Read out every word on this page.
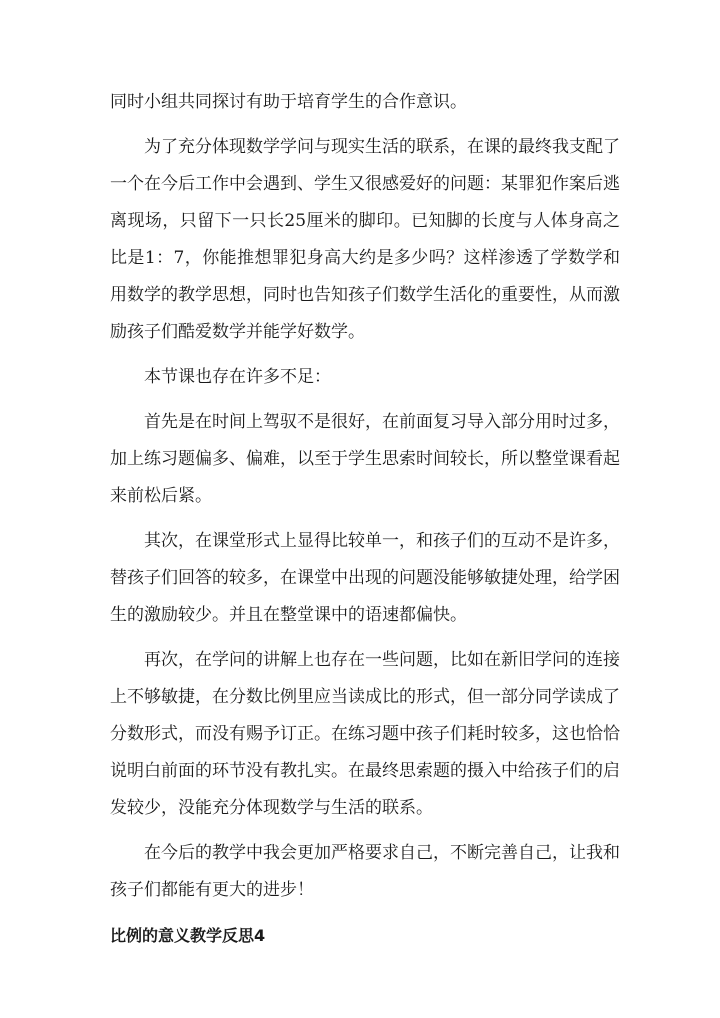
同时小组共同探讨有助于培育学生的合作意识。

为了充分体现数学学问与现实生活的联系，在课的最终我支配了一个在今后工作中会遇到、学生又很感爱好的问题：某罪犯作案后逃离现场，只留下一只长25厘米的脚印。已知脚的长度与人体身高之比是1：7，你能推想罪犯身高大约是多少吗？这样渗透了学数学和用数学的教学思想，同时也告知孩子们数学生活化的重要性，从而激励孩子们酷爱数学并能学好数学。

本节课也存在许多不足：

首先是在时间上驾驭不是很好，在前面复习导入部分用时过多，加上练习题偏多、偏难，以至于学生思索时间较长，所以整堂课看起来前松后紧。

其次，在课堂形式上显得比较单一，和孩子们的互动不是许多，替孩子们回答的较多，在课堂中出现的问题没能够敏捷处理，给学困生的激励较少。并且在整堂课中的语速都偏快。

再次，在学问的讲解上也存在一些问题，比如在新旧学问的连接上不够敏捷，在分数比例里应当读成比的形式，但一部分同学读成了分数形式，而没有赐予订正。在练习题中孩子们耗时较多，这也恰恰说明白前面的环节没有教扎实。在最终思索题的摄入中给孩子们的启发较少，没能充分体现数学与生活的联系。

在今后的教学中我会更加严格要求自己，不断完善自己，让我和孩子们都能有更大的进步！

比例的意义教学反思4
